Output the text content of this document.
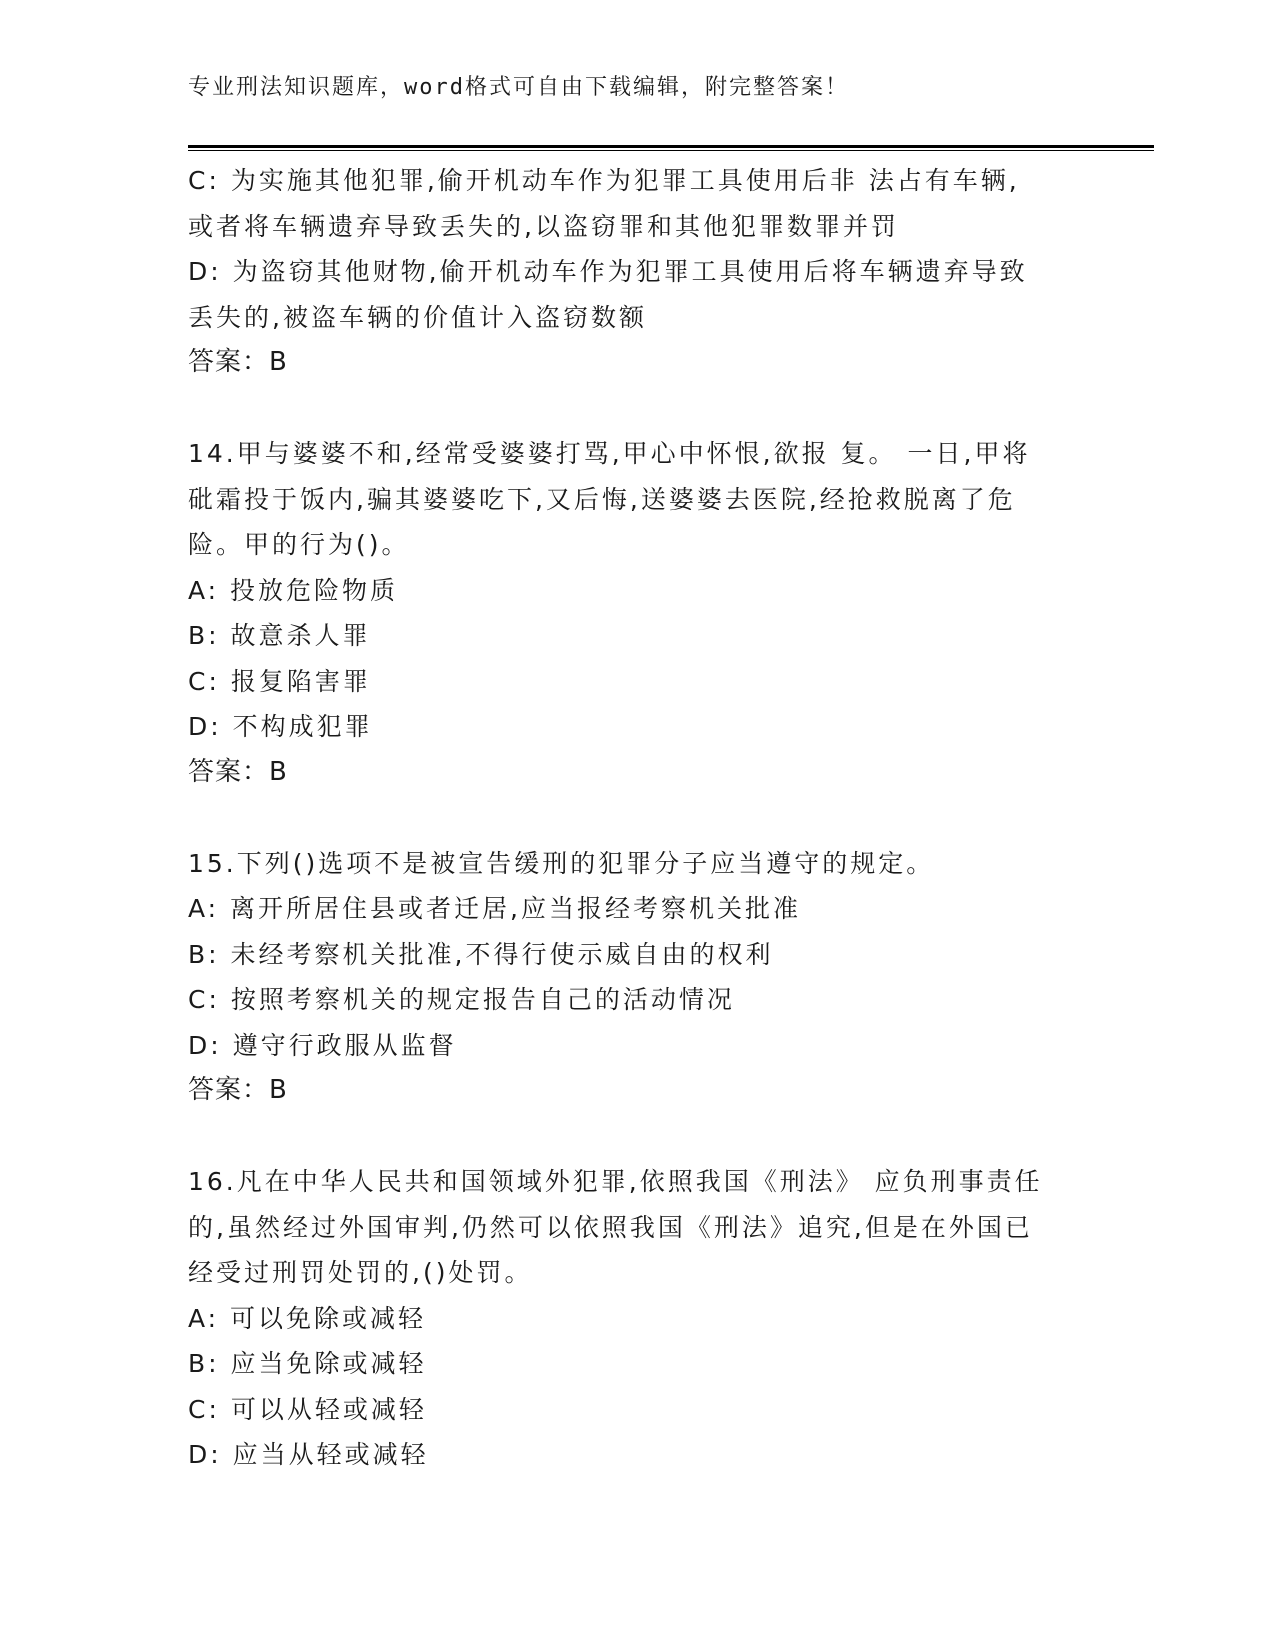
专业刑法知识题库，word格式可自由下载编辑，附完整答案！
C: 为实施其他犯罪,偷开机动车作为犯罪工具使用后非 法占有车辆,
或者将车辆遗弃导致丢失的,以盗窃罪和其他犯罪数罪并罚
D: 为盗窃其他财物,偷开机动车作为犯罪工具使用后将车辆遗弃导致
丢失的,被盗车辆的价值计入盗窃数额
答案：B
14.甲与婆婆不和,经常受婆婆打骂,甲心中怀恨,欲报 复。 一日,甲将
砒霜投于饭内,骗其婆婆吃下,又后悔,送婆婆去医院,经抢救脱离了危
险。甲的行为()。
A: 投放危险物质
B: 故意杀人罪
C: 报复陷害罪
D: 不构成犯罪
答案：B
15.下列()选项不是被宣告缓刑的犯罪分子应当遵守的规定。
A: 离开所居住县或者迁居,应当报经考察机关批准
B: 未经考察机关批准,不得行使示威自由的权利
C: 按照考察机关的规定报告自己的活动情况
D: 遵守行政服从监督
答案：B
16.凡在中华人民共和国领域外犯罪,依照我国《刑法》 应负刑事责任
的,虽然经过外国审判,仍然可以依照我国《刑法》追究,但是在外国已
经受过刑罚处罚的,()处罚。
A: 可以免除或减轻
B: 应当免除或减轻
C: 可以从轻或减轻
D: 应当从轻或减轻
